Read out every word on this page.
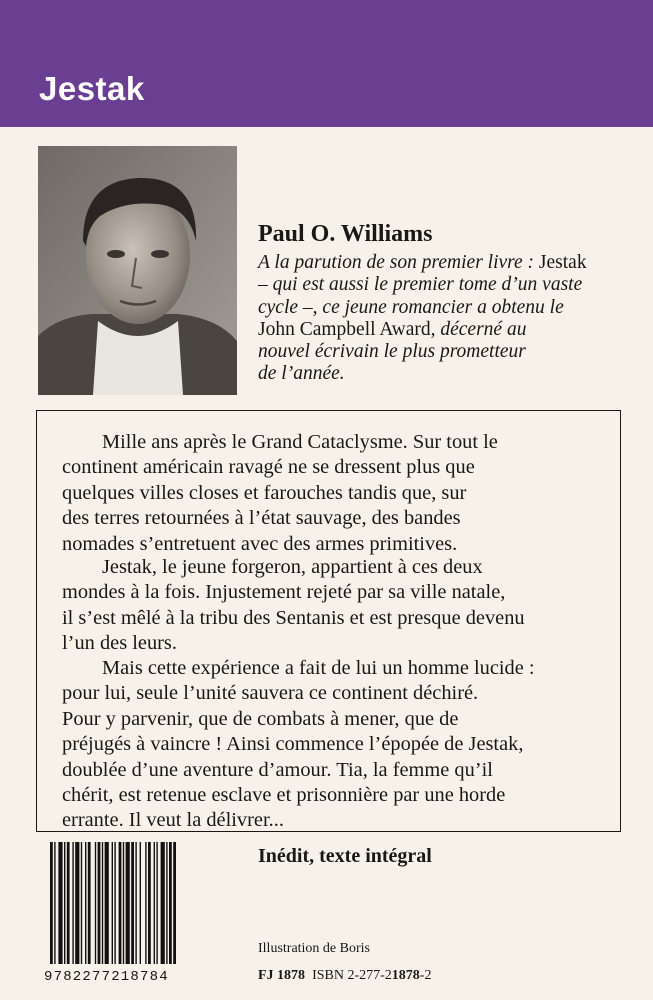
Jestak
Paul O. Williams
A la parution de son premier livre : Jestak
– qui est aussi le premier tome d’un vaste
cycle –, ce jeune romancier a obtenu le
John Campbell Award, décerné au
nouvel écrivain le plus prometteur
de l’année.

Mille ans après le Grand Cataclysme. Sur tout le
continent américain ravagé ne se dressent plus que
quelques villes closes et farouches tandis que, sur
des terres retournées à l’état sauvage, des bandes
nomades s’entretuent avec des armes primitives.

Jestak, le jeune forgeron, appartient à ces deux
mondes à la fois. Injustement rejeté par sa ville natale,
il s’est mêlé à la tribu des Sentanis et est presque devenu
l’un des leurs.

Mais cette expérience a fait de lui un homme lucide :
pour lui, seule l’unité sauvera ce continent déchiré.
Pour y parvenir, que de combats à mener, que de
préjugés à vaincre ! Ainsi commence l’épopée de Jestak,
doublée d’une aventure d’amour. Tia, la femme qu’il
chérit, est retenue esclave et prisonnière par une horde
errante. Il veut la délivrer...

Inédit, texte intégral
9782277218784
Illustration de Boris
FJ 1878 ISBN 2-277-21878-2
